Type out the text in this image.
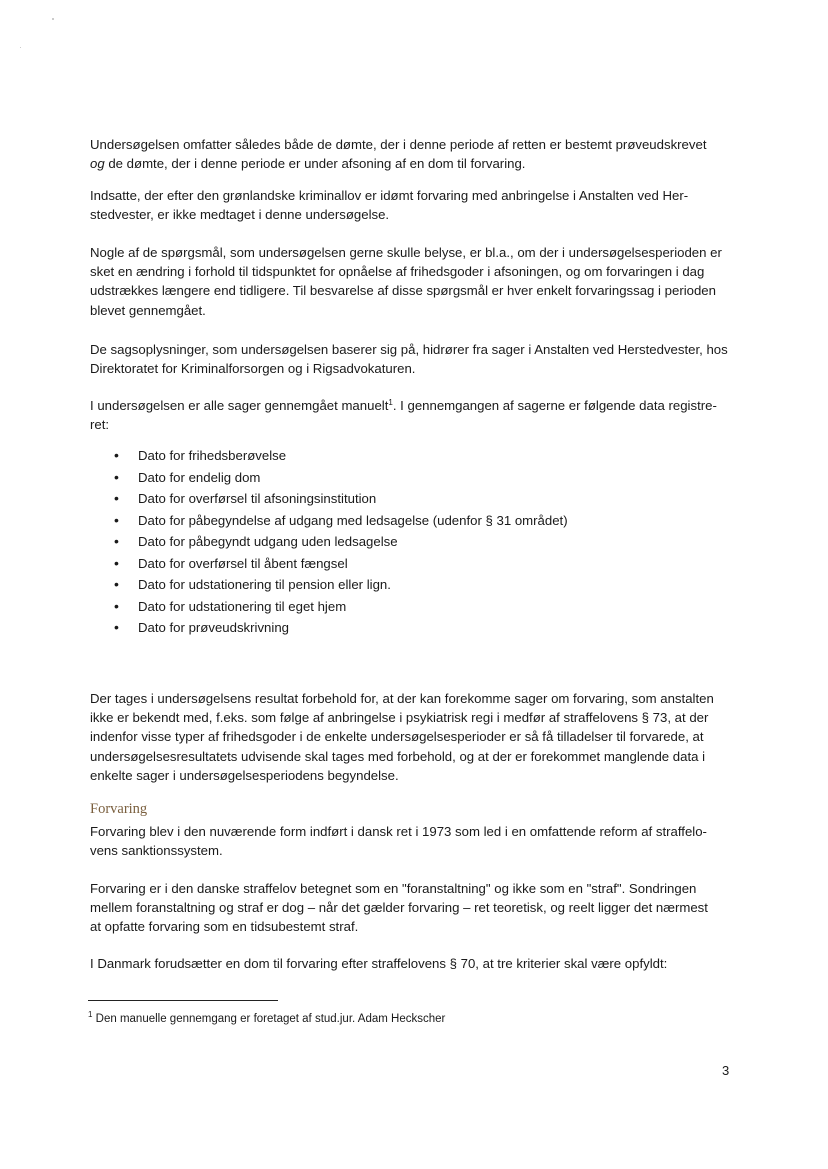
Undersøgelsen omfatter således både de dømte, der i denne periode af retten er bestemt prøveudskrevet
og de dømte, der i denne periode er under afsoning af en dom til forvaring.

Indsatte, der efter den grønlandske kriminallov er idømt forvaring med anbringelse i Anstalten ved Her-
stedvester, er ikke medtaget i denne undersøgelse.

Nogle af de spørgsmål, som undersøgelsen gerne skulle belyse, er bl.a., om der i undersøgelsesperioden er
sket en ændring i forhold til tidspunktet for opnåelse af frihedsgoder i afsoningen, og om forvaringen i dag
udstrækkes længere end tidligere. Til besvarelse af disse spørgsmål er hver enkelt forvaringssag i perioden
blevet gennemgået.

De sagsoplysninger, som undersøgelsen baserer sig på, hidrører fra sager i Anstalten ved Herstedvester, hos
Direktoratet for Kriminalforsorgen og i Rigsadvokaturen.

I undersøgelsen er alle sager gennemgået manuelt$^1$. I gennemgangen af sagerne er følgende data registre-
ret:

• Dato for frihedsberøvelse
• Dato for endelig dom
• Dato for overførsel til afsoningsinstitution
• Dato for påbegyndelse af udgang med ledsagelse (udenfor § 31 området)
• Dato for påbegyndt udgang uden ledsagelse
• Dato for overførsel til åbent fængsel
• Dato for udstationering til pension eller lign.
• Dato for udstationering til eget hjem
• Dato for prøveudskrivning

Der tages i undersøgelsens resultat forbehold for, at der kan forekomme sager om forvaring, som anstalten
ikke er bekendt med, f.eks. som følge af anbringelse i psykiatrisk regi i medfør af straffelovens § 73, at der
indenfor visse typer af frihedsgoder i de enkelte undersøgelsesperioder er så få tilladelser til forvarede, at
undersøgelsesresultatets udvisende skal tages med forbehold, og at der er forekommet manglende data i
enkelte sager i undersøgelsesperiodens begyndelse.

Forvaring

Forvaring blev i den nuværende form indført i dansk ret i 1973 som led i en omfattende reform af straffelo-
vens sanktionssystem.

Forvaring er i den danske straffelov betegnet som en "foranstaltning" og ikke som en "straf". Sondringen
mellem foranstaltning og straf er dog – når det gælder forvaring – ret teoretisk, og reelt ligger det nærmest
at opfatte forvaring som en tidsubestemt straf.

I Danmark forudsætter en dom til forvaring efter straffelovens § 70, at tre kriterier skal være opfyldt:

$^1$ Den manuelle gennemgang er foretaget af stud.jur. Adam Heckscher
3
